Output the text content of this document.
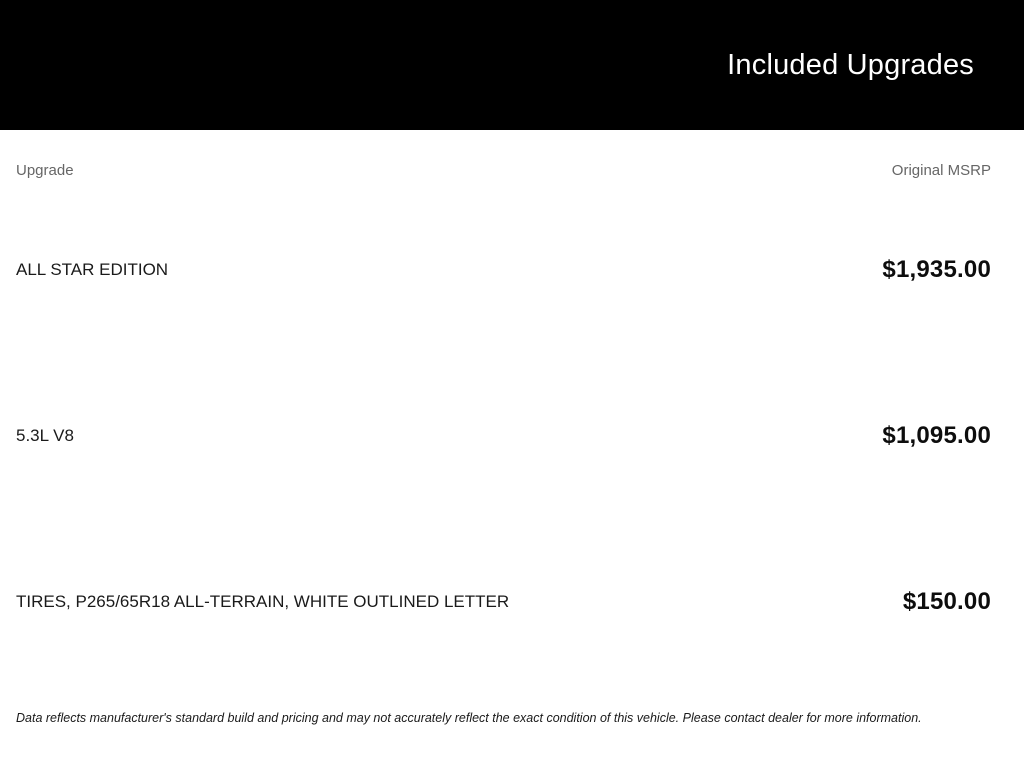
Included Upgrades
Upgrade	Original MSRP
ALL STAR EDITION	$1,935.00
5.3L V8	$1,095.00
TIRES, P265/65R18 ALL-TERRAIN, WHITE OUTLINED LETTER	$150.00
Data reflects manufacturer's standard build and pricing and may not accurately reflect the exact condition of this vehicle. Please contact dealer for more information.
